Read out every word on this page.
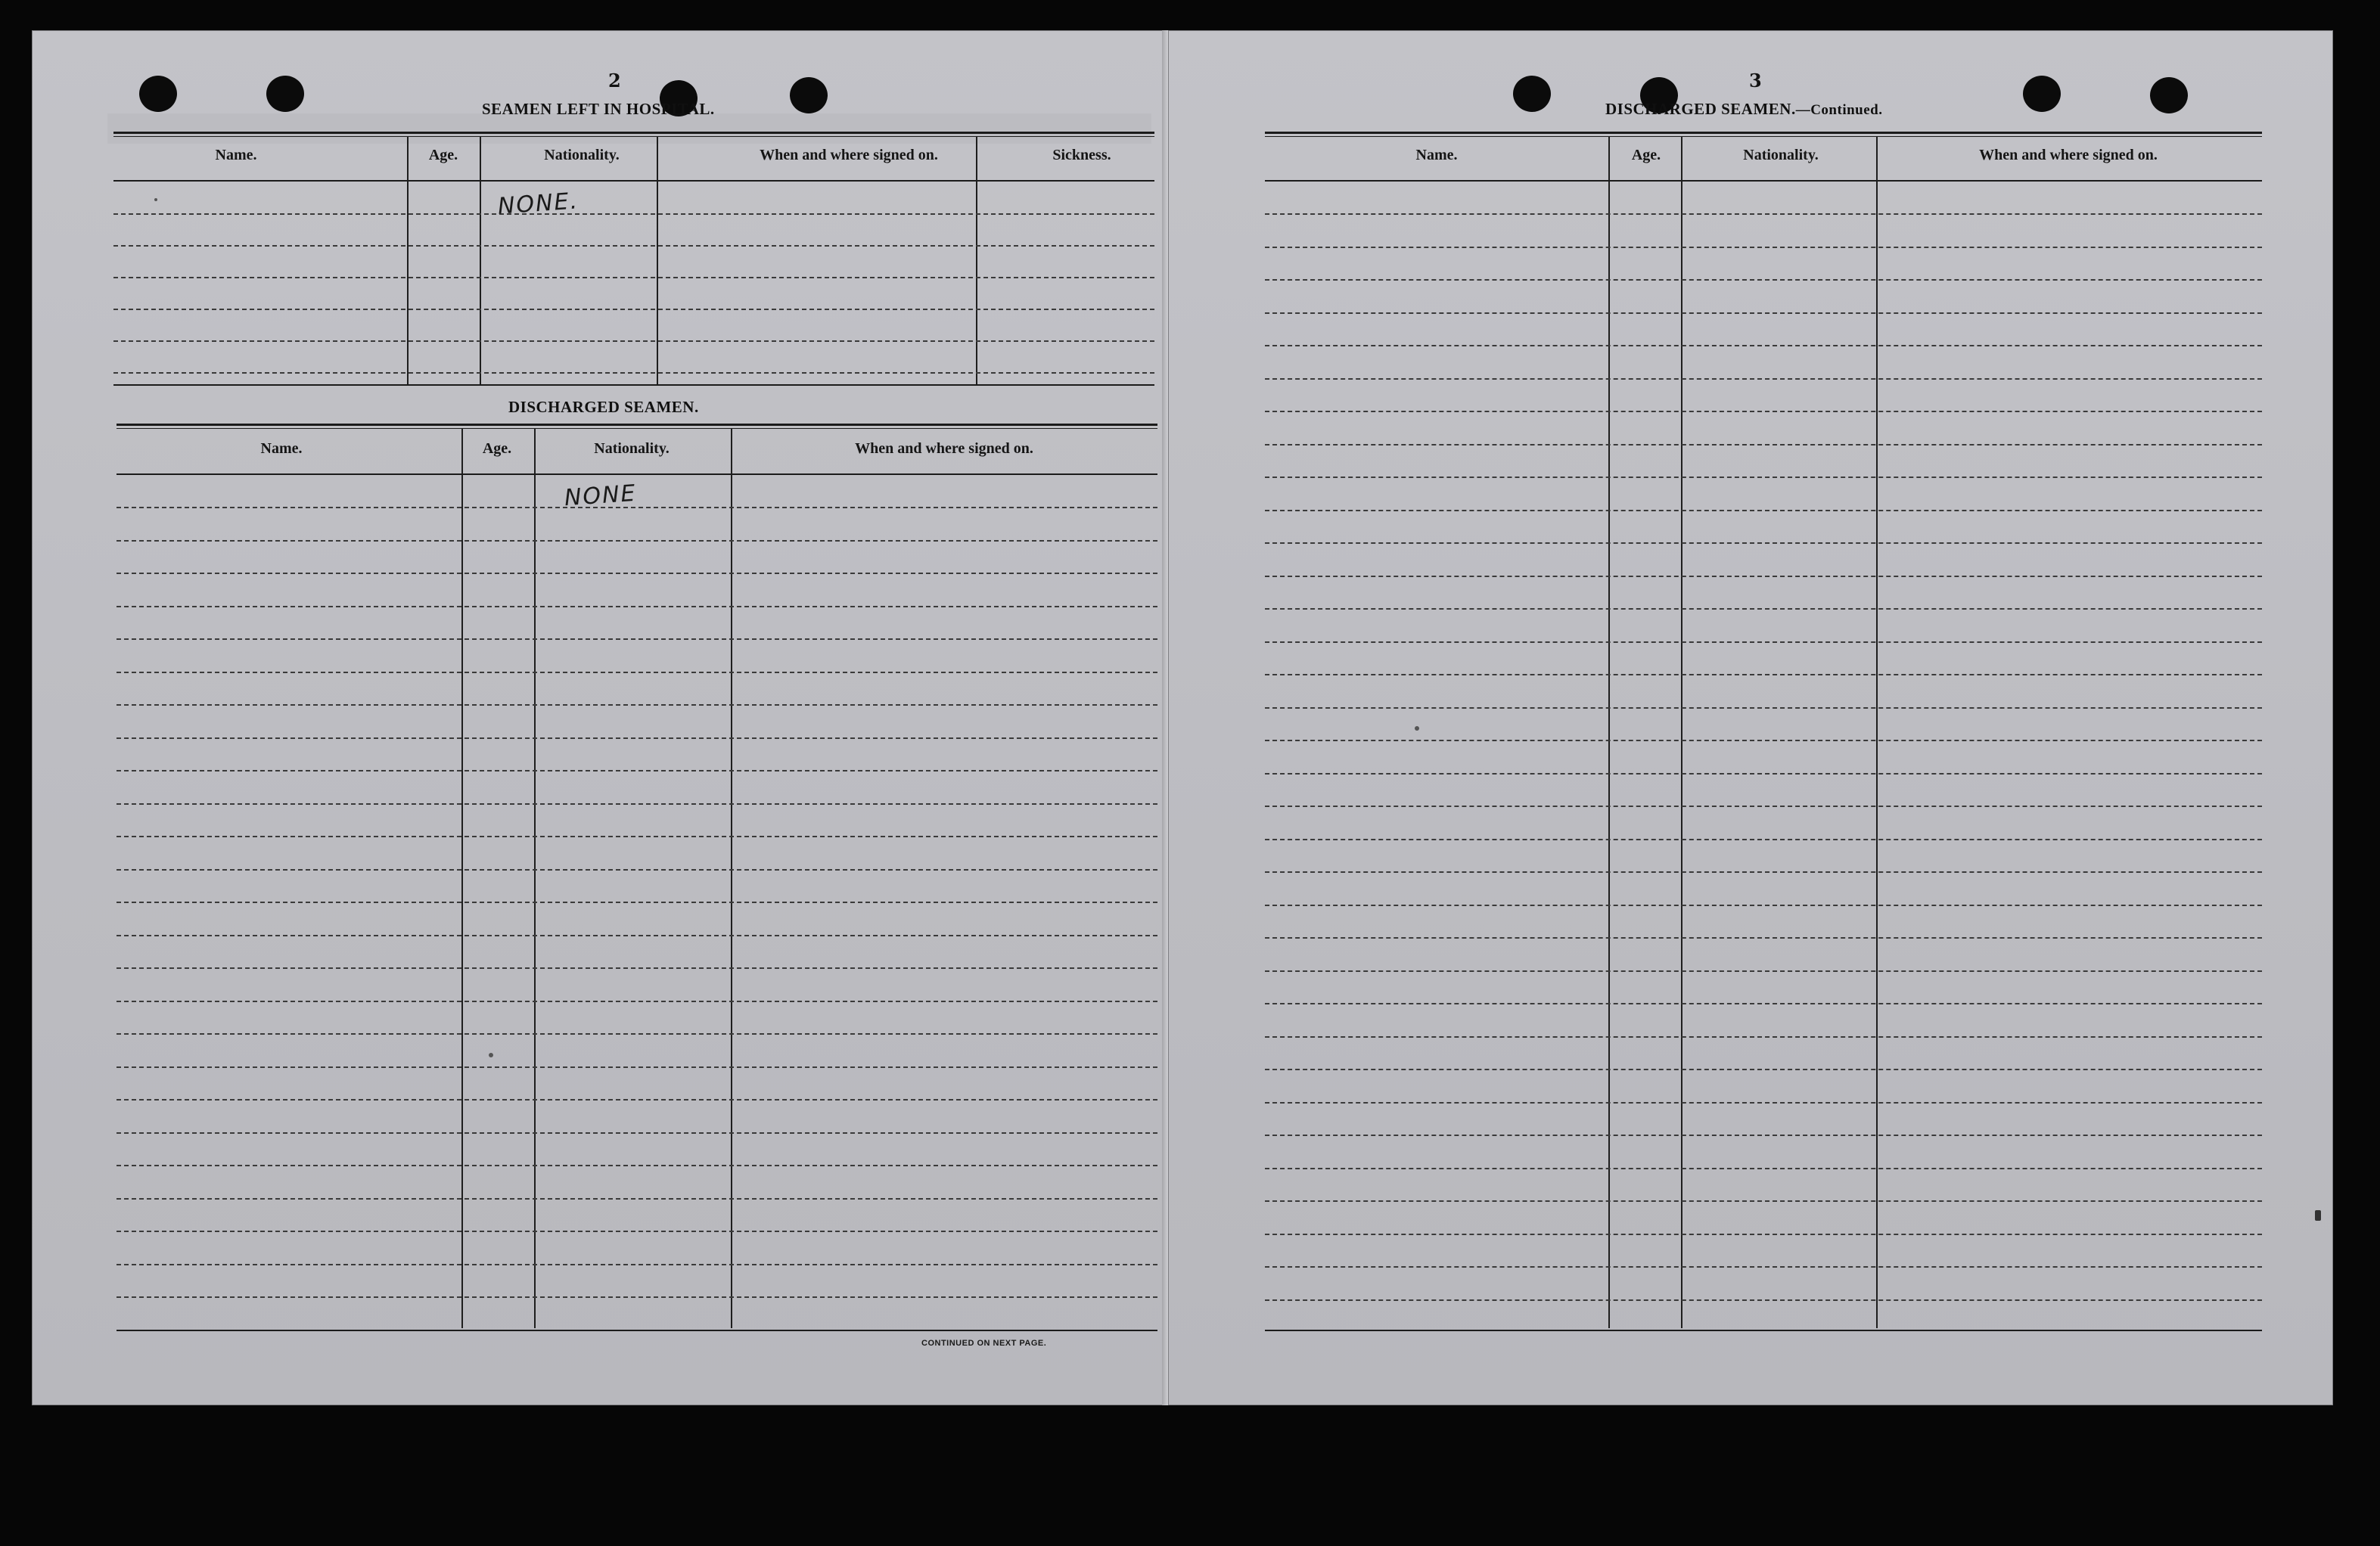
2
SEAMEN LEFT IN HOSPITAL.
Name.	Age.	Nationality.	When and where signed on.	Sickness.
NONE.
DISCHARGED SEAMEN.
Name.	Age.	Nationality.	When and where signed on.
NONE
CONTINUED ON NEXT PAGE.
3
DISCHARGED SEAMEN.—Continued.
Name.	Age.	Nationality.	When and where signed on.
